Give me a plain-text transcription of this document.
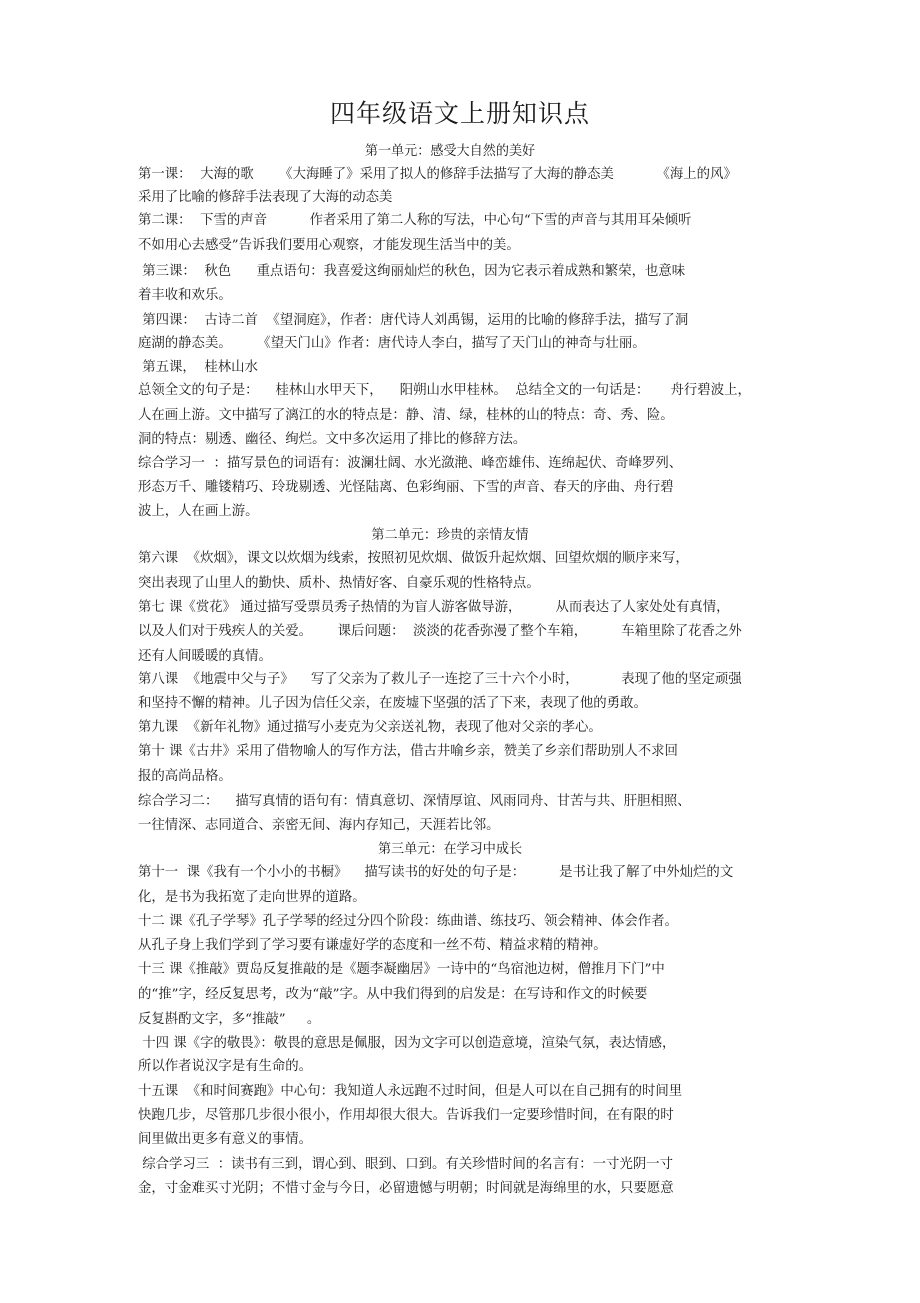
四年级语文上册知识点
第一单元：感受大自然的美好
第一课：  大海的歌      《大海睡了》采用了拟人的修辞手法描写了大海的静态美          《海上的风》
采用了比喻的修辞手法表现了大海的动态美
第二课：  下雪的声音          作者采用了第二人称的写法，中心句“下雪的声音与其用耳朵倾听
不如用心去感受”告诉我们要用心观察，才能发现生活当中的美。
第三课：  秋色      重点语句：我喜爱这绚丽灿烂的秋色，因为它表示着成熟和繁荣，也意味
着丰收和欢乐。
第四课：  古诗二首  《望洞庭》，作者：唐代诗人刘禹锡，运用的比喻的修辞手法，描写了洞
庭湖的静态美。      《望天门山》作者：唐代诗人李白，描写了天门山的神奇与壮丽。
第五课，  桂林山水
总领全文的句子是：    桂林山水甲天下，    阳朔山水甲桂林。  总结全文的一句话是：     舟行碧波上，
人在画上游。文中描写了漓江的水的特点是：静、清、绿，桂林的山的特点：奇、秀、险。
洞的特点：剔透、幽径、绚烂。文中多次运用了排比的修辞方法。
综合学习一  ：描写景色的词语有：波澜壮阔、水光潋滟、峰峦雄伟、连绵起伏、奇峰罗列、
形态万千、雕镂精巧、玲珑剔透、光怪陆离、色彩绚丽、下雪的声音、春天的序曲、舟行碧
波上，人在画上游。
第二单元：珍贵的亲情友情
第六课  《炊烟》，课文以炊烟为线索，按照初见炊烟、做饭升起炊烟、回望炊烟的顺序来写，
突出表现了山里人的勤快、质朴、热情好客、自豪乐观的性格特点。
第七 课《赏花》 通过描写受票员秀子热情的为盲人游客做导游，        从而表达了人家处处有真情，
以及人们对于残疾人的关爱。      课后问题：  淡淡的花香弥漫了整个车箱，        车箱里除了花香之外
还有人间暖暖的真情。
第八课  《地震中父与子》    写了父亲为了救儿子一连挖了三十六个小时，          表现了他的坚定顽强
和坚持不懈的精神。儿子因为信任父亲，在废墟下坚强的活了下来，表现了他的勇敢。
第九课  《新年礼物》通过描写小麦克为父亲送礼物，表现了他对父亲的孝心。
第十 课《古井》采用了借物喻人的写作方法，借古井喻乡亲，赞美了乡亲们帮助别人不求回
报的高尚品格。
综合学习二：    描写真情的语句有：情真意切、深情厚谊、风雨同舟、甘苦与共、肝胆相照、
一往情深、志同道合、亲密无间、海内存知己，天涯若比邻。
第三单元：在学习中成长
第十一  课《我有一个小小的书橱》    描写读书的好处的句子是：        是书让我了解了中外灿烂的文
化，是书为我拓宽了走向世界的道路。
十二 课《孔子学琴》孔子学琴的经过分四个阶段：练曲谱、练技巧、领会精神、体会作者。
从孔子身上我们学到了学习要有谦虚好学的态度和一丝不苟、精益求精的精神。
十三 课《推敲》贾岛反复推敲的是《题李凝幽居》一诗中的“鸟宿池边树，僧推月下门”中
的“推”字，经反复思考，改为“敲”字。从中我们得到的启发是：在写诗和作文的时候要
反复斟酌文字，多“推敲”     。
十四 课《字的敬畏》：敬畏的意思是佩服，因为文字可以创造意境，渲染气氛，表达情感，
所以作者说汉字是有生命的。
十五课  《和时间赛跑》中心句：我知道人永远跑不过时间，但是人可以在自己拥有的时间里
快跑几步，尽管那几步很小很小，作用却很大很大。告诉我们一定要珍惜时间，在有限的时
间里做出更多有意义的事情。
综合学习三  ：读书有三到，谓心到、眼到、口到。有关珍惜时间的名言有：一寸光阴一寸
金，寸金难买寸光阴；不惜寸金与今日，必留遗憾与明朝；时间就是海绵里的水，只要愿意
